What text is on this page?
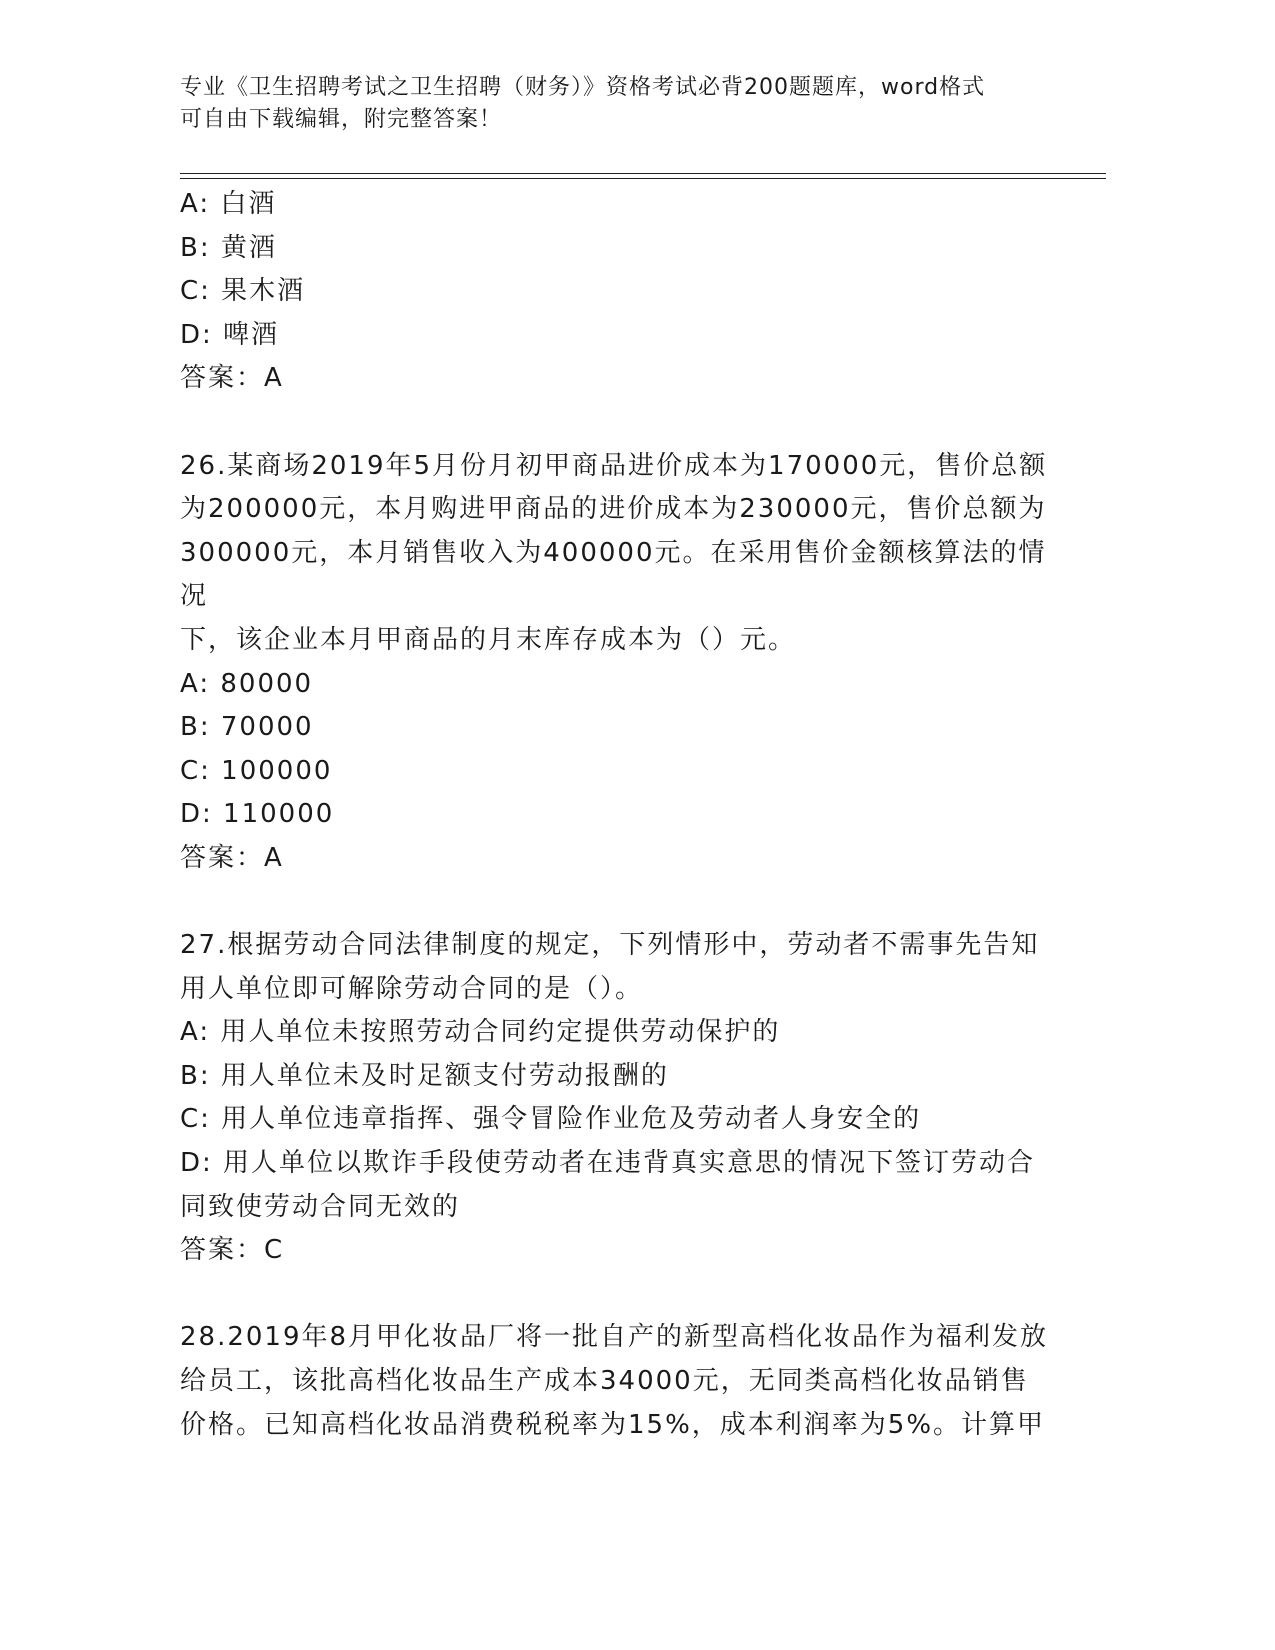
专业《卫生招聘考试之卫生招聘（财务）》资格考试必背200题题库，word格式
可自由下载编辑，附完整答案！

A: 白酒

B: 黄酒

C: 果木酒

D: 啤酒

答案：A

26.某商场2019年5月份月初甲商品进价成本为170000元，售价总额

为200000元，本月购进甲商品的进价成本为230000元，售价总额为

300000元，本月销售收入为400000元。在采用售价金额核算法的情况

下，该企业本月甲商品的月末库存成本为（）元。

A: 80000

B: 70000

C: 100000

D: 110000

答案：A

27.根据劳动合同法律制度的规定，下列情形中，劳动者不需事先告知

用人单位即可解除劳动合同的是（）。

A: 用人单位未按照劳动合同约定提供劳动保护的

B: 用人单位未及时足额支付劳动报酬的

C: 用人单位违章指挥、强令冒险作业危及劳动者人身安全的

D: 用人单位以欺诈手段使劳动者在违背真实意思的情况下签订劳动合

同致使劳动合同无效的

答案：C

28.2019年8月甲化妆品厂将一批自产的新型高档化妆品作为福利发放

给员工，该批高档化妆品生产成本34000元，无同类高档化妆品销售

价格。已知高档化妆品消费税税率为15%，成本利润率为5%。计算甲
